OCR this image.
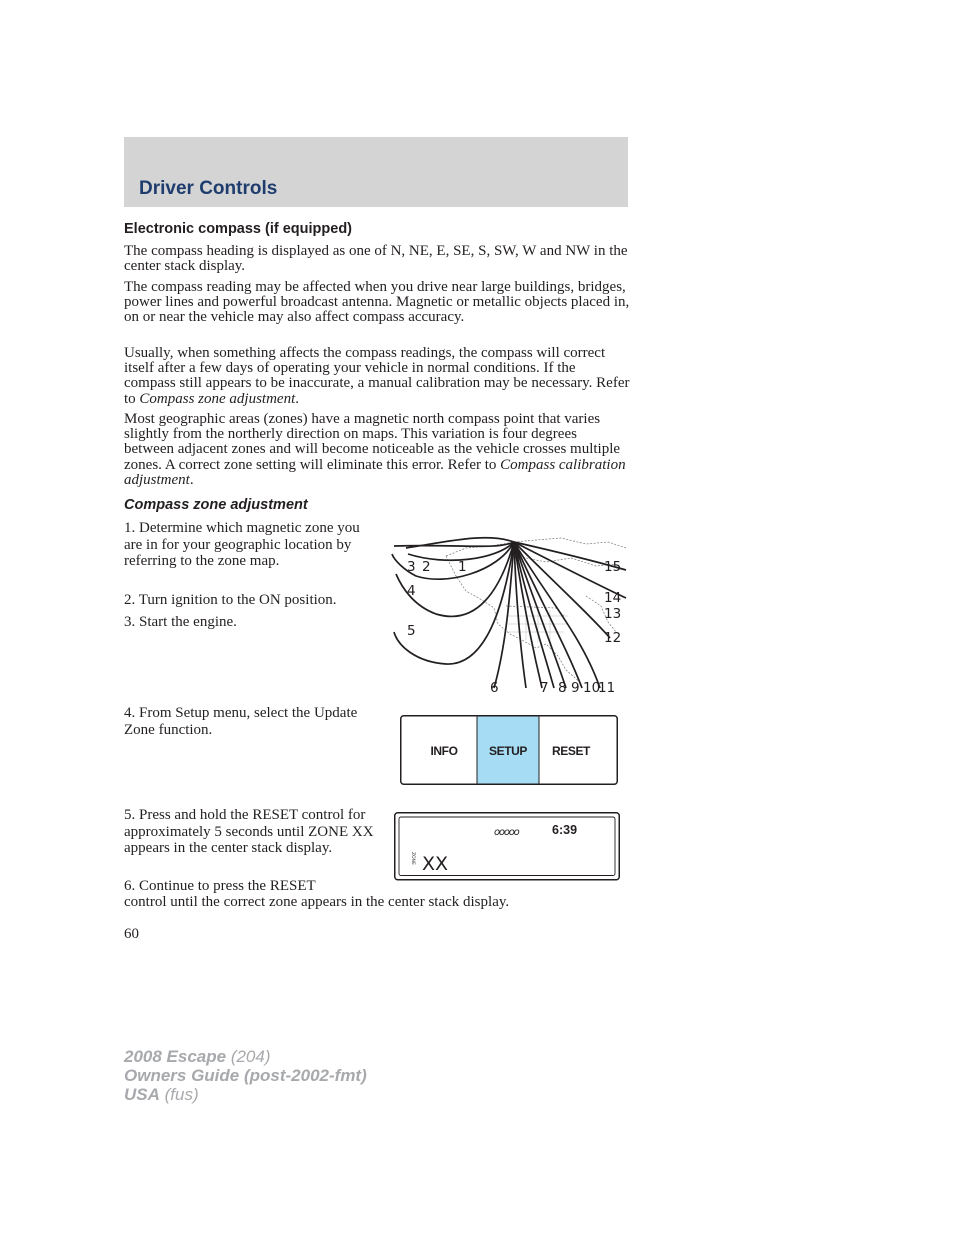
Driver Controls
Electronic compass (if equipped)

The compass heading is displayed as one of N, NE, E, SE, S, SW, W and NW in the center stack display.

The compass reading may be affected when you drive near large buildings, bridges, power lines and powerful broadcast antenna. Magnetic or metallic objects placed in, on or near the vehicle may also affect compass accuracy.

Usually, when something affects the compass readings, the compass will correct itself after a few days of operating your vehicle in normal conditions. If the compass still appears to be inaccurate, a manual calibration may be necessary. Refer to Compass zone adjustment.

Most geographic areas (zones) have a magnetic north compass point that varies slightly from the northerly direction on maps. This variation is four degrees between adjacent zones and will become noticeable as the vehicle crosses multiple zones. A correct zone setting will eliminate this error. Refer to Compass calibration adjustment.

Compass zone adjustment

1. Determine which magnetic zone you are in for your geographic location by referring to the zone map.

2. Turn ignition to the ON position.

3. Start the engine.

4. From Setup menu, select the Update Zone function.

5. Press and hold the RESET control for approximately 5 seconds until ZONE XX appears in the center stack display.

6. Continue to press the RESET

control until the correct zone appears in the center stack display.

3 2 1
4
5
6	7 8 9 10
11
12
13
14
15
INFO	SETUP RESET
ooooo	6:39
ZONE XX
60
2008 Escape (204)
Owners Guide (post-2002-fmt)
USA (fus)
